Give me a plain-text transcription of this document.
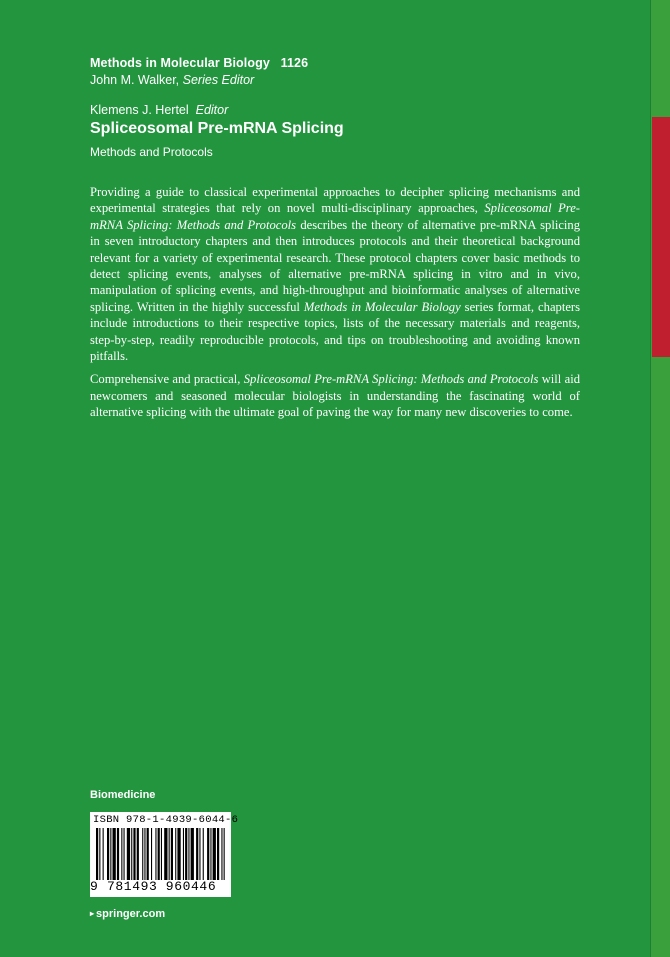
Methods in Molecular Biology 1126
John M. Walker, Series Editor
Klemens J. Hertel Editor
Spliceosomal Pre-mRNA Splicing
Methods and Protocols

Providing a guide to classical experimental approaches to decipher splicing mechanisms and experimental strategies that rely on novel multi-disciplinary approaches, Spliceosomal Pre-mRNA Splicing: Methods and Protocols describes the theory of alternative pre-mRNA splicing in seven introductory chapters and then introduces protocols and their theoretical background relevant for a variety of experimental research. These protocol chapters cover basic methods to detect splicing events, analyses of alternative pre-mRNA splicing in vitro and in vivo, manipulation of splicing events, and high-throughput and bioinformatic analyses of alternative splicing. Written in the highly successful Methods in Molecular Biology series format, chapters include introductions to their respective topics, lists of the necessary materials and reagents, step-by-step, readily reproducible protocols, and tips on troubleshooting and avoiding known pitfalls.

Comprehensive and practical, Spliceosomal Pre-mRNA Splicing: Methods and Protocols will aid newcomers and seasoned molecular biologists in understanding the fascinating world of alternative splicing with the ultimate goal of paving the way for many new discoveries to come.

Biomedicine
ISBN 978-1-4939-6044-6
9 781493 960446
▸ springer.com
